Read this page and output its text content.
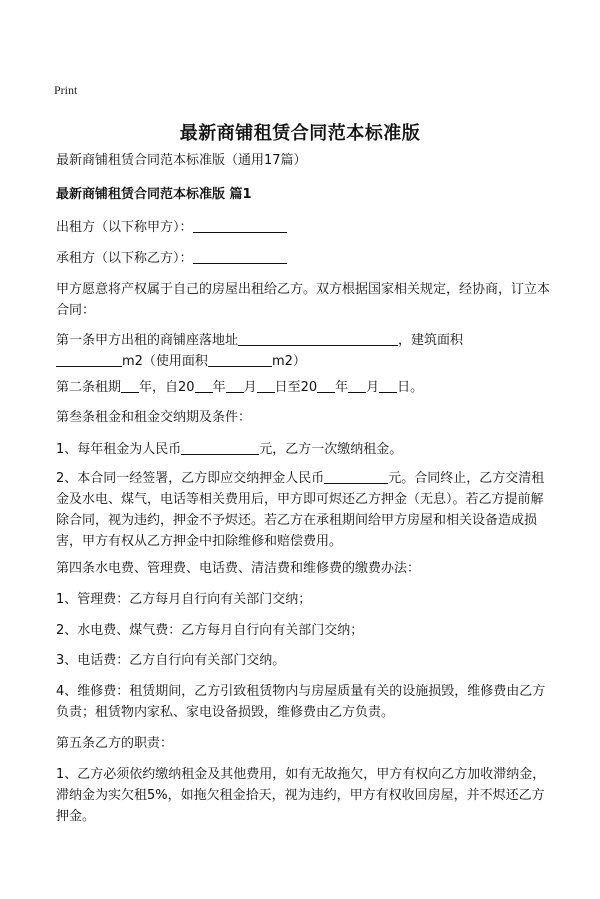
Print
最新商铺租赁合同范本标准版
最新商铺租赁合同范本标准版（通用17篇）
最新商铺租赁合同范本标准版 篇1
出租方（以下称甲方）：
承租方（以下称乙方）：
甲方愿意将产权属于自己的房屋出租给乙方。双方根据国家相关规定，经协商，订立本合同：
第一条甲方出租的商铺座落地址	，建筑面积
m2（使用面积	m2）
第二条租期 年，自20 年 月 日至20 年 月 日。
第叁条租金和租金交纳期及条件：
1、每年租金为人民币	元，乙方一次缴纳租金。
2、本合同一经签署，乙方即应交纳押金人民币	元。合同终止，乙方交清租金及水电、煤气，电话等相关费用后，甲方即可烬还乙方押金（无息）。若乙方提前解除合同，视为违约，押金不予烬还。若乙方在承租期间给甲方房屋和相关设备造成损害，甲方有权从乙方押金中扣除维修和赔偿费用。
第四条水电费、管理费、电话费、清洁费和维修费的缴费办法：
1、管理费：乙方每月自行向有关部门交纳；
2、水电费、煤气费：乙方每月自行向有关部门交纳；
3、电话费：乙方自行向有关部门交纳。
4、维修费：租赁期间，乙方引致租赁物内与房屋质量有关的设施损毁，维修费由乙方负责；租赁物内家私、家电设备损毁，维修费由乙方负责。
第五条乙方的职责：
1、乙方必须依约缴纳租金及其他费用，如有无故拖欠，甲方有权向乙方加收滞纳金，滞纳金为实欠租5%，如拖欠租金拾天，视为违约，甲方有权收回房屋，并不烬还乙方押金。
